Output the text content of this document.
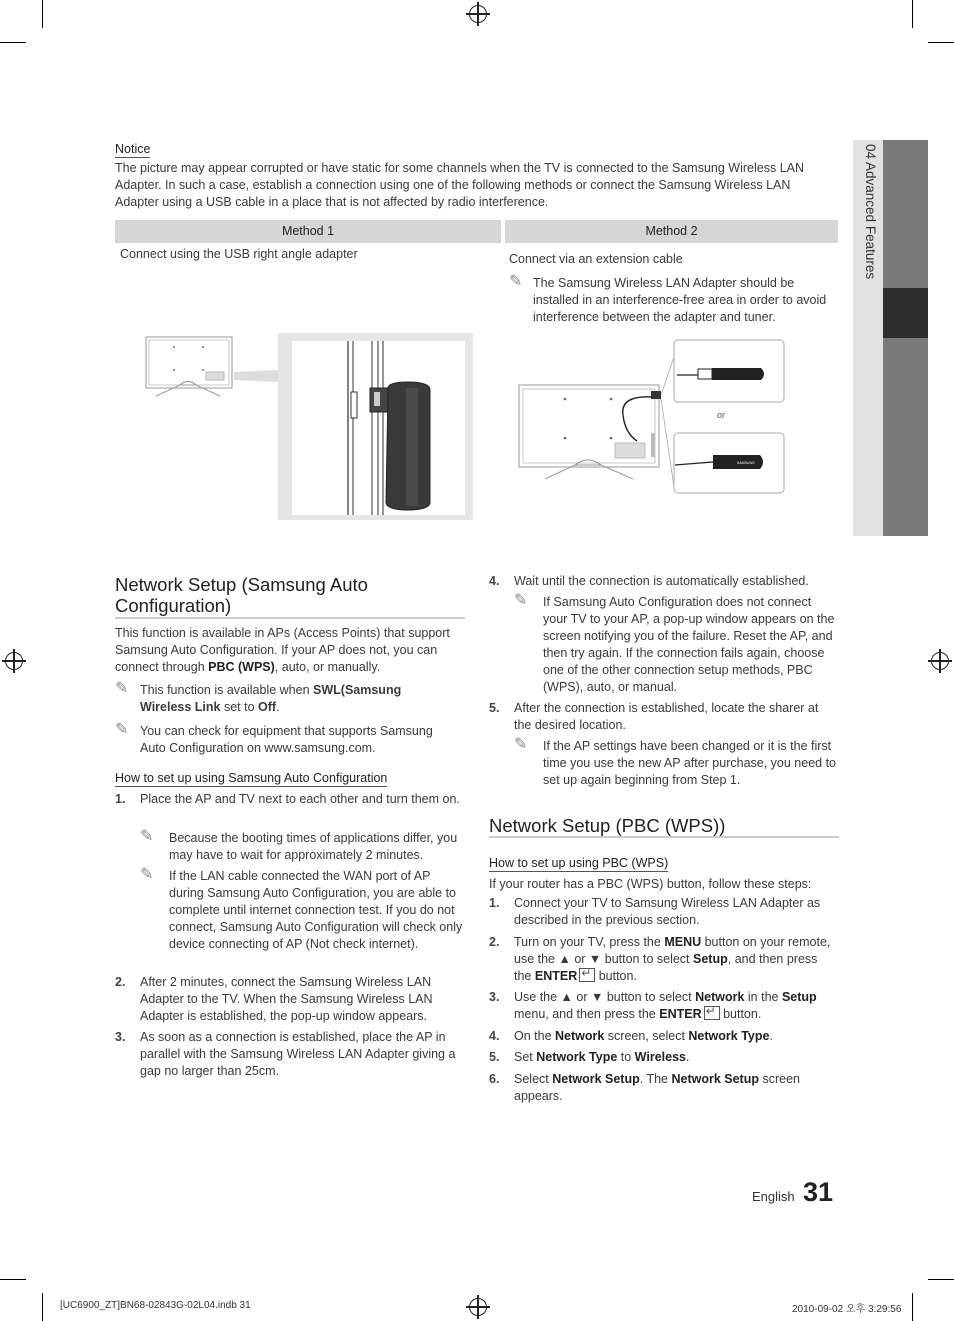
04 Advanced Features
Notice
The picture may appear corrupted or have static for some channels when the TV is connected to the Samsung Wireless LAN Adapter. In such a case, establish a connection using one of the following methods or connect the Samsung Wireless LAN Adapter using a USB cable in a place that is not affected by radio interference.
Method 1	Method 2
Connect using the USB right angle adapter	Connect via an extension cable
✎ The Samsung Wireless LAN Adapter should be installed in an interference-free area in order to avoid interference between the adapter and tuner.
or
SAMSUNG
Network Setup (Samsung Auto Configuration)
This function is available in APs (Access Points) that support Samsung Auto Configuration. If your AP does not, you can connect through PBC (WPS), auto, or manually.
✎ This function is available when SWL(Samsung Wireless Link set to Off.
✎ You can check for equipment that supports Samsung Auto Configuration on www.samsung.com.
How to set up using Samsung Auto Configuration
1. Place the AP and TV next to each other and turn them on.
✎ Because the booting times of applications differ, you may have to wait for approximately 2 minutes.
✎ If the LAN cable connected the WAN port of AP during Samsung Auto Configuration, you are able to complete until internet connection test. If you do not connect, Samsung Auto Configuration will check only device connecting of AP (Not check internet).
2. After 2 minutes, connect the Samsung Wireless LAN Adapter to the TV. When the Samsung Wireless LAN Adapter is established, the pop-up window appears.
3. As soon as a connection is established, place the AP in parallel with the Samsung Wireless LAN Adapter giving a gap no larger than 25cm.
4. Wait until the connection is automatically established.
✎ If Samsung Auto Configuration does not connect your TV to your AP, a pop-up window appears on the screen notifying you of the failure. Reset the AP, and then try again. If the connection fails again, choose one of the other connection setup methods, PBC (WPS), auto, or manual.
5. After the connection is established, locate the sharer at the desired location.
✎ If the AP settings have been changed or it is the first time you use the new AP after purchase, you need to set up again beginning from Step 1.
Network Setup (PBC (WPS))
How to set up using PBC (WPS)
If your router has a PBC (WPS) button, follow these steps:
1. Connect your TV to Samsung Wireless LAN Adapter as described in the previous section.
2. Turn on your TV, press the MENU button on your remote, use the ▲ or ▼ button to select Setup, and then press the ENTER↵ button.
3. Use the ▲ or ▼ button to select Network in the Setup menu, and then press the ENTER↵ button.
4. On the Network screen, select Network Type.
5. Set Network Type to Wireless.
6. Select Network Setup. The Network Setup screen appears.
English 31
[UC6900_ZT]BN68-02843G-02L04.indb 31	2010-09-02 오후 3:29:56
